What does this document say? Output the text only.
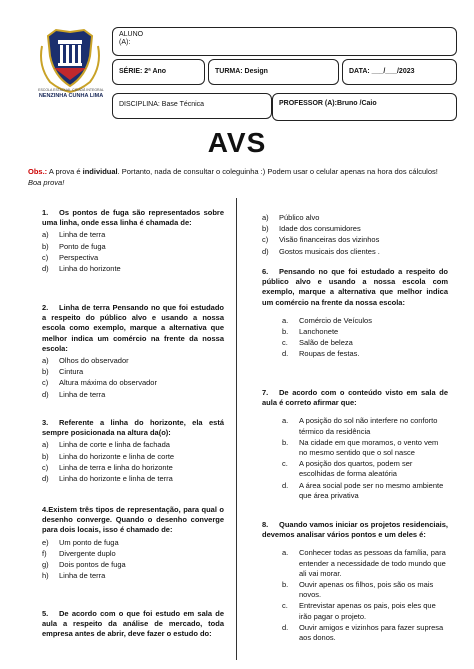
ESCOLA ESTADUAL CIDADÃ INTEGRAL
NENZINHA CUNHA LIMA
ALUNO
(A):
SÉRIE: 2ª Ano	TURMA: Design	DATA: ___/___/2023
DISCIPLINA: Base Técnica	PROFESSOR (A):Bruno /Caio
AVS
Obs.: A prova é individual. Portanto, nada de consultar o coleguinha :) Podem usar o celular apenas na hora dos cálculos! Boa prova!
1. Os pontos de fuga são representados sobre uma linha, onde essa linha é chamada de:
a)	Linha de terra
b)	Ponto de fuga
c)	Perspectiva
d)	Linha do horizonte
2. Linha de terra Pensando no que foi estudado a respeito do público alvo e usando a nossa escola como exemplo, marque a alternativa que melhor indica um comércio na frente da nossa escola:
a)	Olhos do observador
b)	Cintura
c)	Altura máxima do observador
d)	Linha de terra
3. Referente a linha do horizonte, ela está sempre posicionada na altura da(o):
a)	Linha de corte e linha de fachada
b)	Linha do horizonte e linha de corte
c)	Linha de terra e linha do horizonte
d)	Linha do horizonte e linha de terra
4.Existem três tipos de representação, para qual o desenho converge. Quando o desenho converge para dois locais, isso é chamado de:
e)	Um ponto de fuga
f)	Divergente duplo
g)	Dois pontos de fuga
h)	Linha de terra
5. De acordo com o que foi estudo em sala de aula a respeito da análise de mercado, toda empresa antes de abrir, deve fazer o estudo do:
a)	Público alvo
b)	Idade dos consumidores
c)	Visão financeiras dos vizinhos
d)	Gostos musicais dos clientes .
6. Pensando no que foi estudado a respeito do público alvo e usando a nossa escola com exemplo, marque a alternativa que melhor indica um comércio na frente da nossa escola:
a.	Comércio de Veículos
b.	Lanchonete
c.	Salão de beleza
d.	Roupas de festas.
7. De acordo com o conteúdo visto em sala de aula é correto afirmar que:
a.	A posição do sol não interfere no conforto térmico da residência
b.	Na cidade em que moramos, o vento vem no mesmo sentido que o sol nasce
c.	A posição dos quartos, podem ser escolhidas de forma aleatória
d.	A área social pode ser no mesmo ambiente que área privativa
8. Quando vamos iniciar os projetos residenciais, devemos analisar vários pontos e um deles é:
a.	Conhecer todas as pessoas da família, para entender a necessidade de todo mundo que ali vai morar.
b.	Ouvir apenas os filhos, pois são os mais novos.
c.	Entrevistar apenas os pais, pois eles que irão pagar o projeto.
d.	Ouvir amigos e vizinhos para fazer supresa aos donos.
